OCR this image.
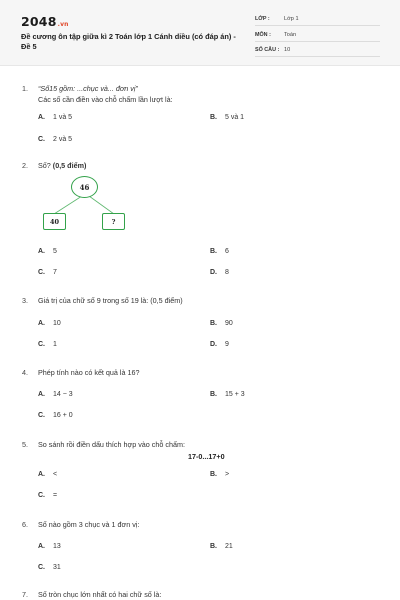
2048.vn
Đề cương ôn tập giữa kì 2 Toán lớp 1 Cánh diều (có đáp án) - Đề 5
LỚP :	Lớp 1
MÔN : Toán
SỐ CÂU : 10
1. “Số15 gồm: ...chục và... đơn vị”
Các số cần điền vào chỗ chấm lần lượt là:
A. 1 và 5	B. 5 và 1
C. 2 và 5
2. Số? (0,5 điểm)
46
40	?
A. 5	B. 6
C. 7	D. 8
3. Giá trị của chữ số 9 trong số 19 là: (0,5 điểm)
A. 10	B. 90
C. 1	D. 9
4. Phép tính nào có kết quả là 16?
A. 14 − 3	B. 15 + 3
C. 16 + 0
5. So sánh rồi điền dấu thích hợp vào chỗ chấm:
17-0...17+0
A. <	B. >
C. =
6. Số nào gồm 3 chục và 1 đơn vị:
A. 13	B. 21
C. 31
7. Số tròn chục lớn nhất có hai chữ số là:
